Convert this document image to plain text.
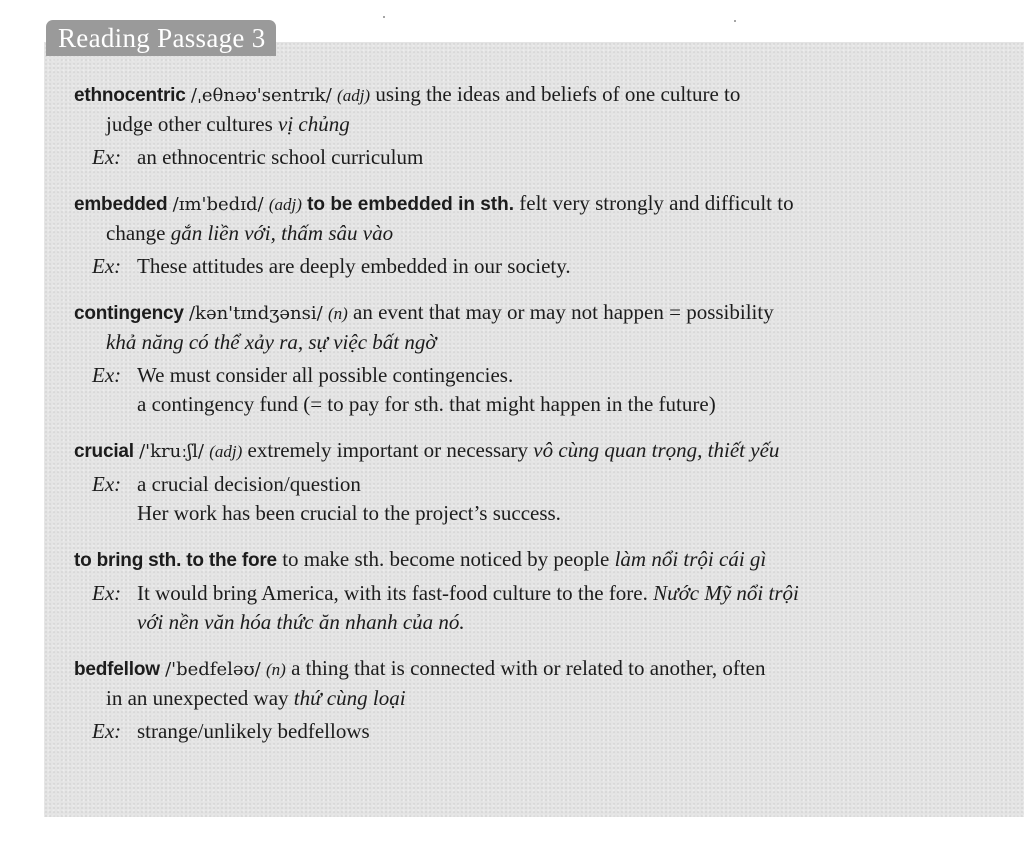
Reading Passage 3
ethnocentric /ˌeθnəʊ'sentrɪk/ (adj) using the ideas and beliefs of one culture to
judge other cultures vị chủng
Ex: an ethnocentric school curriculum
embedded /ɪm'bedɪd/ (adj) to be embedded in sth. felt very strongly and difficult to
change gắn liền với, thấm sâu vào
Ex: These attitudes are deeply embedded in our society.
contingency /kən'tɪndʒənsi/ (n) an event that may or may not happen = possibility
khả năng có thể xảy ra, sự việc bất ngờ
Ex: We must consider all possible contingencies.
a contingency fund (= to pay for sth. that might happen in the future)
crucial /'kruːʃl/ (adj) extremely important or necessary vô cùng quan trọng, thiết yếu
Ex: a crucial decision/question
Her work has been crucial to the project’s success.
to bring sth. to the fore to make sth. become noticed by people làm nổi trội cái gì
Ex: It would bring America, with its fast-food culture to the fore. Nước Mỹ nổi trội
với nền văn hóa thức ăn nhanh của nó.
bedfellow /'bedfeləʊ/ (n) a thing that is connected with or related to another, often
in an unexpected way thứ cùng loại
Ex: strange/unlikely bedfellows
